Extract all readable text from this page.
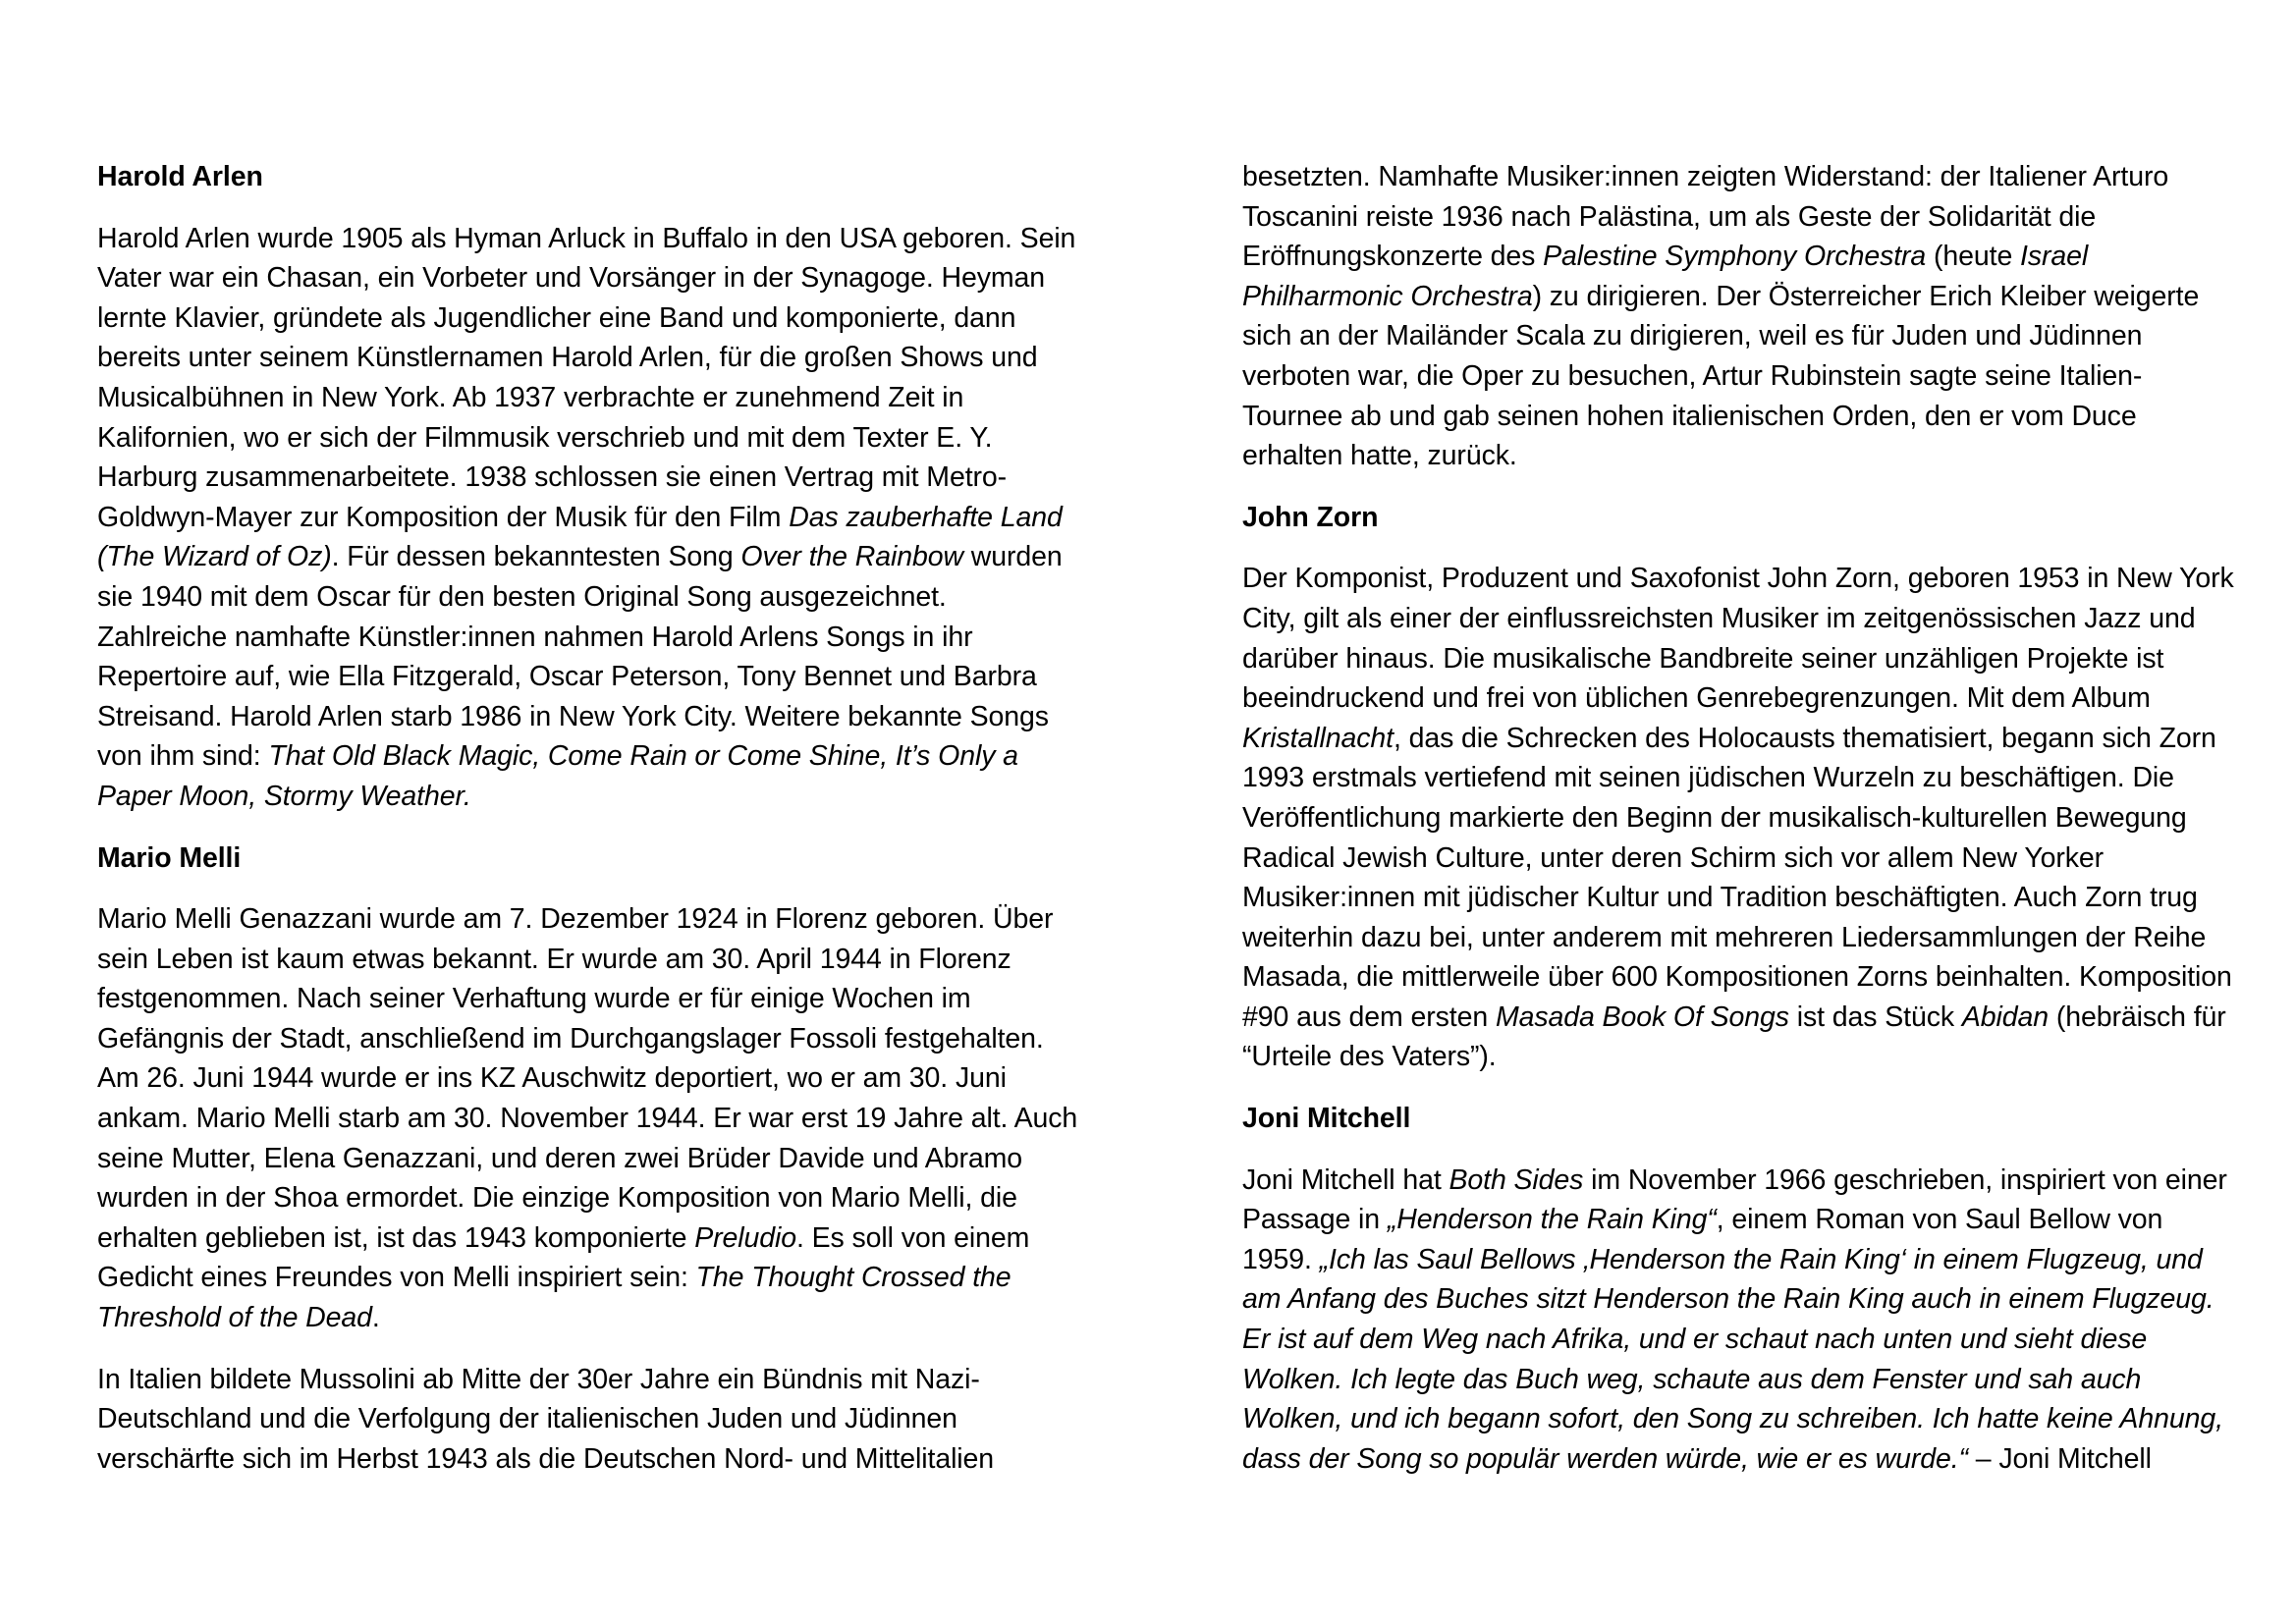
Harold Arlen

Harold Arlen wurde 1905 als Hyman Arluck in Buffalo in den USA geboren. Sein Vater war ein Chasan, ein Vorbeter und Vorsänger in der Synagoge. Heyman lernte Klavier, gründete als Jugendlicher eine Band und komponierte, dann bereits unter seinem Künstlernamen Harold Arlen, für die großen Shows und Musicalbühnen in New York. Ab 1937 verbrachte er zunehmend Zeit in Kalifornien, wo er sich der Filmmusik verschrieb und mit dem Texter E. Y. Harburg zusammenarbeitete. 1938 schlossen sie einen Vertrag mit Metro-Goldwyn-Mayer zur Komposition der Musik für den Film Das zauberhafte Land (The Wizard of Oz). Für dessen bekanntesten Song Over the Rainbow wurden sie 1940 mit dem Oscar für den besten Original Song ausgezeichnet. Zahlreiche namhafte Künstler:innen nahmen Harold Arlens Songs in ihr Repertoire auf, wie Ella Fitzgerald, Oscar Peterson, Tony Bennet und Barbra Streisand. Harold Arlen starb 1986 in New York City. Weitere bekannte Songs von ihm sind: That Old Black Magic, Come Rain or Come Shine, It’s Only a Paper Moon, Stormy Weather.

Mario Melli

Mario Melli Genazzani wurde am 7. Dezember 1924 in Florenz geboren. Über sein Leben ist kaum etwas bekannt. Er wurde am 30. April 1944 in Florenz festgenommen. Nach seiner Verhaftung wurde er für einige Wochen im Gefängnis der Stadt, anschließend im Durchgangslager Fossoli festgehalten. Am 26. Juni 1944 wurde er ins KZ Auschwitz deportiert, wo er am 30. Juni ankam. Mario Melli starb am 30. November 1944. Er war erst 19 Jahre alt. Auch seine Mutter, Elena Genazzani, und deren zwei Brüder Davide und Abramo wurden in der Shoa ermordet. Die einzige Komposition von Mario Melli, die erhalten geblieben ist, ist das 1943 komponierte Preludio. Es soll von einem Gedicht eines Freundes von Melli inspiriert sein: The Thought Crossed the Threshold of the Dead.

In Italien bildete Mussolini ab Mitte der 30er Jahre ein Bündnis mit Nazi-Deutschland und die Verfolgung der italienischen Juden und Jüdinnen verschärfte sich im Herbst 1943 als die Deutschen Nord- und Mittelitalien

besetzten. Namhafte Musiker:innen zeigten Widerstand: der Italiener Arturo Toscanini reiste 1936 nach Palästina, um als Geste der Solidarität die Eröffnungskonzerte des Palestine Symphony Orchestra (heute Israel Philharmonic Orchestra) zu dirigieren. Der Österreicher Erich Kleiber weigerte sich an der Mailänder Scala zu dirigieren, weil es für Juden und Jüdinnen verboten war, die Oper zu besuchen, Artur Rubinstein sagte seine Italien-Tournee ab und gab seinen hohen italienischen Orden, den er vom Duce erhalten hatte, zurück.

John Zorn

Der Komponist, Produzent und Saxofonist John Zorn, geboren 1953 in New York City, gilt als einer der einflussreichsten Musiker im zeitgenössischen Jazz und darüber hinaus. Die musikalische Bandbreite seiner unzähligen Projekte ist beeindruckend und frei von üblichen Genrebegrenzungen. Mit dem Album Kristallnacht, das die Schrecken des Holocausts thematisiert, begann sich Zorn 1993 erstmals vertiefend mit seinen jüdischen Wurzeln zu beschäftigen. Die Veröffentlichung markierte den Beginn der musikalisch-kulturellen Bewegung Radical Jewish Culture, unter deren Schirm sich vor allem New Yorker Musiker:innen mit jüdischer Kultur und Tradition beschäftigten. Auch Zorn trug weiterhin dazu bei, unter anderem mit mehreren Liedersammlungen der Reihe Masada, die mittlerweile über 600 Kompositionen Zorns beinhalten. Komposition #90 aus dem ersten Masada Book Of Songs ist das Stück Abidan (hebräisch für “Urteile des Vaters”).

Joni Mitchell

Joni Mitchell hat Both Sides im November 1966 geschrieben, inspiriert von einer Passage in „Henderson the Rain King“, einem Roman von Saul Bellow von 1959. „Ich las Saul Bellows ‚Henderson the Rain King‘ in einem Flugzeug, und am Anfang des Buches sitzt Henderson the Rain King auch in einem Flugzeug. Er ist auf dem Weg nach Afrika, und er schaut nach unten und sieht diese Wolken. Ich legte das Buch weg, schaute aus dem Fenster und sah auch Wolken, und ich begann sofort, den Song zu schreiben. Ich hatte keine Ahnung, dass der Song so populär werden würde, wie er es wurde.“ – Joni Mitchell
